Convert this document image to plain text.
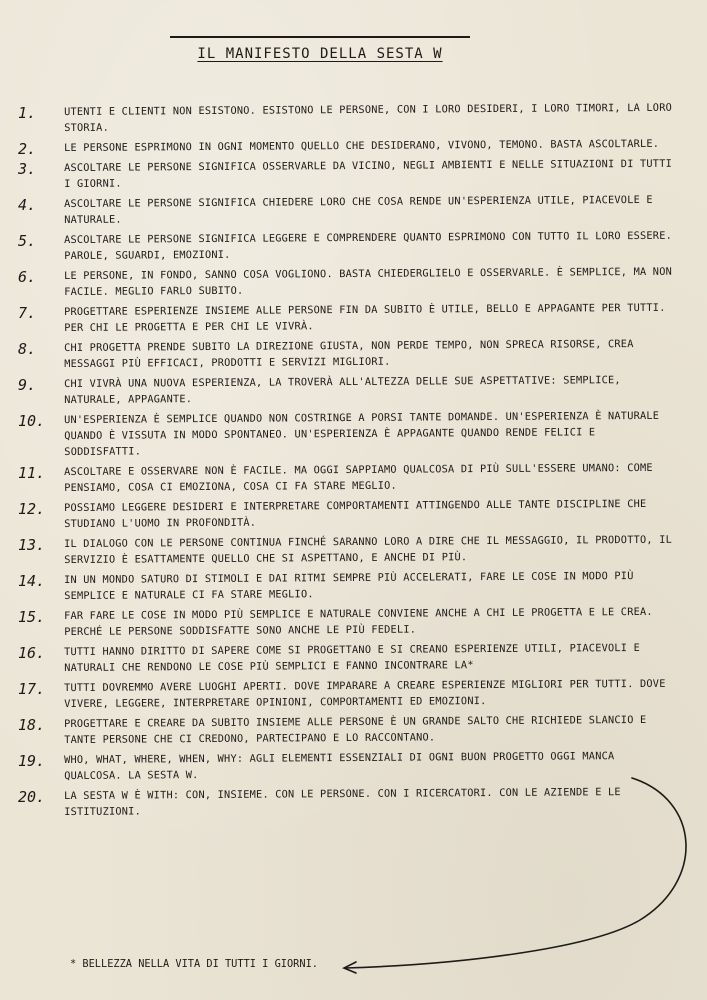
IL MANIFESTO DELLA SESTA W
1.	UTENTI E CLIENTI NON ESISTONO. ESISTONO LE PERSONE, CON I LORO DESIDERI, I LORO TIMORI, LA LORO STORIA.
2.	LE PERSONE ESPRIMONO IN OGNI MOMENTO QUELLO CHE DESIDERANO, VIVONO, TEMONO. BASTA ASCOLTARLE.
3.	ASCOLTARE LE PERSONE SIGNIFICA OSSERVARLE DA VICINO, NEGLI AMBIENTI E NELLE SITUAZIONI DI TUTTI I GIORNI.
4.	ASCOLTARE LE PERSONE SIGNIFICA CHIEDERE LORO CHE COSA RENDE UN'ESPERIENZA UTILE, PIACEVOLE E NATURALE.
5.	ASCOLTARE LE PERSONE SIGNIFICA LEGGERE E COMPRENDERE QUANTO ESPRIMONO CON TUTTO IL LORO ESSERE. PAROLE, SGUARDI, EMOZIONI.
6.	LE PERSONE, IN FONDO, SANNO COSA VOGLIONO. BASTA CHIEDERGLIELO E OSSERVARLE. È SEMPLICE, MA NON FACILE. MEGLIO FARLO SUBITO.
7.	PROGETTARE ESPERIENZE INSIEME ALLE PERSONE FIN DA SUBITO È UTILE, BELLO E APPAGANTE PER TUTTI. PER CHI LE PROGETTA E PER CHI LE VIVRÀ.
8.	CHI PROGETTA PRENDE SUBITO LA DIREZIONE GIUSTA, NON PERDE TEMPO, NON SPRECA RISORSE, CREA MESSAGGI PIÙ EFFICACI, PRODOTTI E SERVIZI MIGLIORI.
9.	CHI VIVRÀ UNA NUOVA ESPERIENZA, LA TROVERÀ ALL'ALTEZZA DELLE SUE ASPETTATIVE: SEMPLICE, NATURALE, APPAGANTE.
10.	UN'ESPERIENZA È SEMPLICE QUANDO NON COSTRINGE A PORSI TANTE DOMANDE. UN'ESPERIENZA È NATURALE QUANDO È VISSUTA IN MODO SPONTANEO. UN'ESPERIENZA È APPAGANTE QUANDO RENDE FELICI E SODDISFATTI.
11.	ASCOLTARE E OSSERVARE NON È FACILE. MA OGGI SAPPIAMO QUALCOSA DI PIÙ SULL'ESSERE UMANO: COME PENSIAMO, COSA CI EMOZIONA, COSA CI FA STARE MEGLIO.
12.	POSSIAMO LEGGERE DESIDERI E INTERPRETARE COMPORTAMENTI ATTINGENDO ALLE TANTE DISCIPLINE CHE STUDIANO L'UOMO IN PROFONDITÀ.
13.	IL DIALOGO CON LE PERSONE CONTINUA FINCHÉ SARANNO LORO A DIRE CHE IL MESSAGGIO, IL PRODOTTO, IL SERVIZIO È ESATTAMENTE QUELLO CHE SI ASPETTANO, E ANCHE DI PIÙ.
14.	IN UN MONDO SATURO DI STIMOLI E DAI RITMI SEMPRE PIÙ ACCELERATI, FARE LE COSE IN MODO PIÙ SEMPLICE E NATURALE CI FA STARE MEGLIO.
15.	FAR FARE LE COSE IN MODO PIÙ SEMPLICE E NATURALE CONVIENE ANCHE A CHI LE PROGETTA E LE CREA. PERCHÉ LE PERSONE SODDISFATTE SONO ANCHE LE PIÙ FEDELI.
16.	TUTTI HANNO DIRITTO DI SAPERE COME SI PROGETTANO E SI CREANO ESPERIENZE UTILI, PIACEVOLI E NATURALI CHE RENDONO LE COSE PIÙ SEMPLICI E FANNO INCONTRARE LA*
17.	TUTTI DOVREMMO AVERE LUOGHI APERTI. DOVE IMPARARE A CREARE ESPERIENZE MIGLIORI PER TUTTI. DOVE VIVERE, LEGGERE, INTERPRETARE OPINIONI, COMPORTAMENTI ED EMOZIONI.
18.	PROGETTARE E CREARE DA SUBITO INSIEME ALLE PERSONE È UN GRANDE SALTO CHE RICHIEDE SLANCIO E TANTE PERSONE CHE CI CREDONO, PARTECIPANO E LO RACCONTANO.
19.	WHO, WHAT, WHERE, WHEN, WHY: AGLI ELEMENTI ESSENZIALI DI OGNI BUON PROGETTO OGGI MANCA QUALCOSA. LA SESTA W.
20.	LA SESTA W È WITH: CON, INSIEME. CON LE PERSONE. CON I RICERCATORI. CON LE AZIENDE E LE ISTITUZIONI.
* BELLEZZA NELLA VITA DI TUTTI I GIORNI.
